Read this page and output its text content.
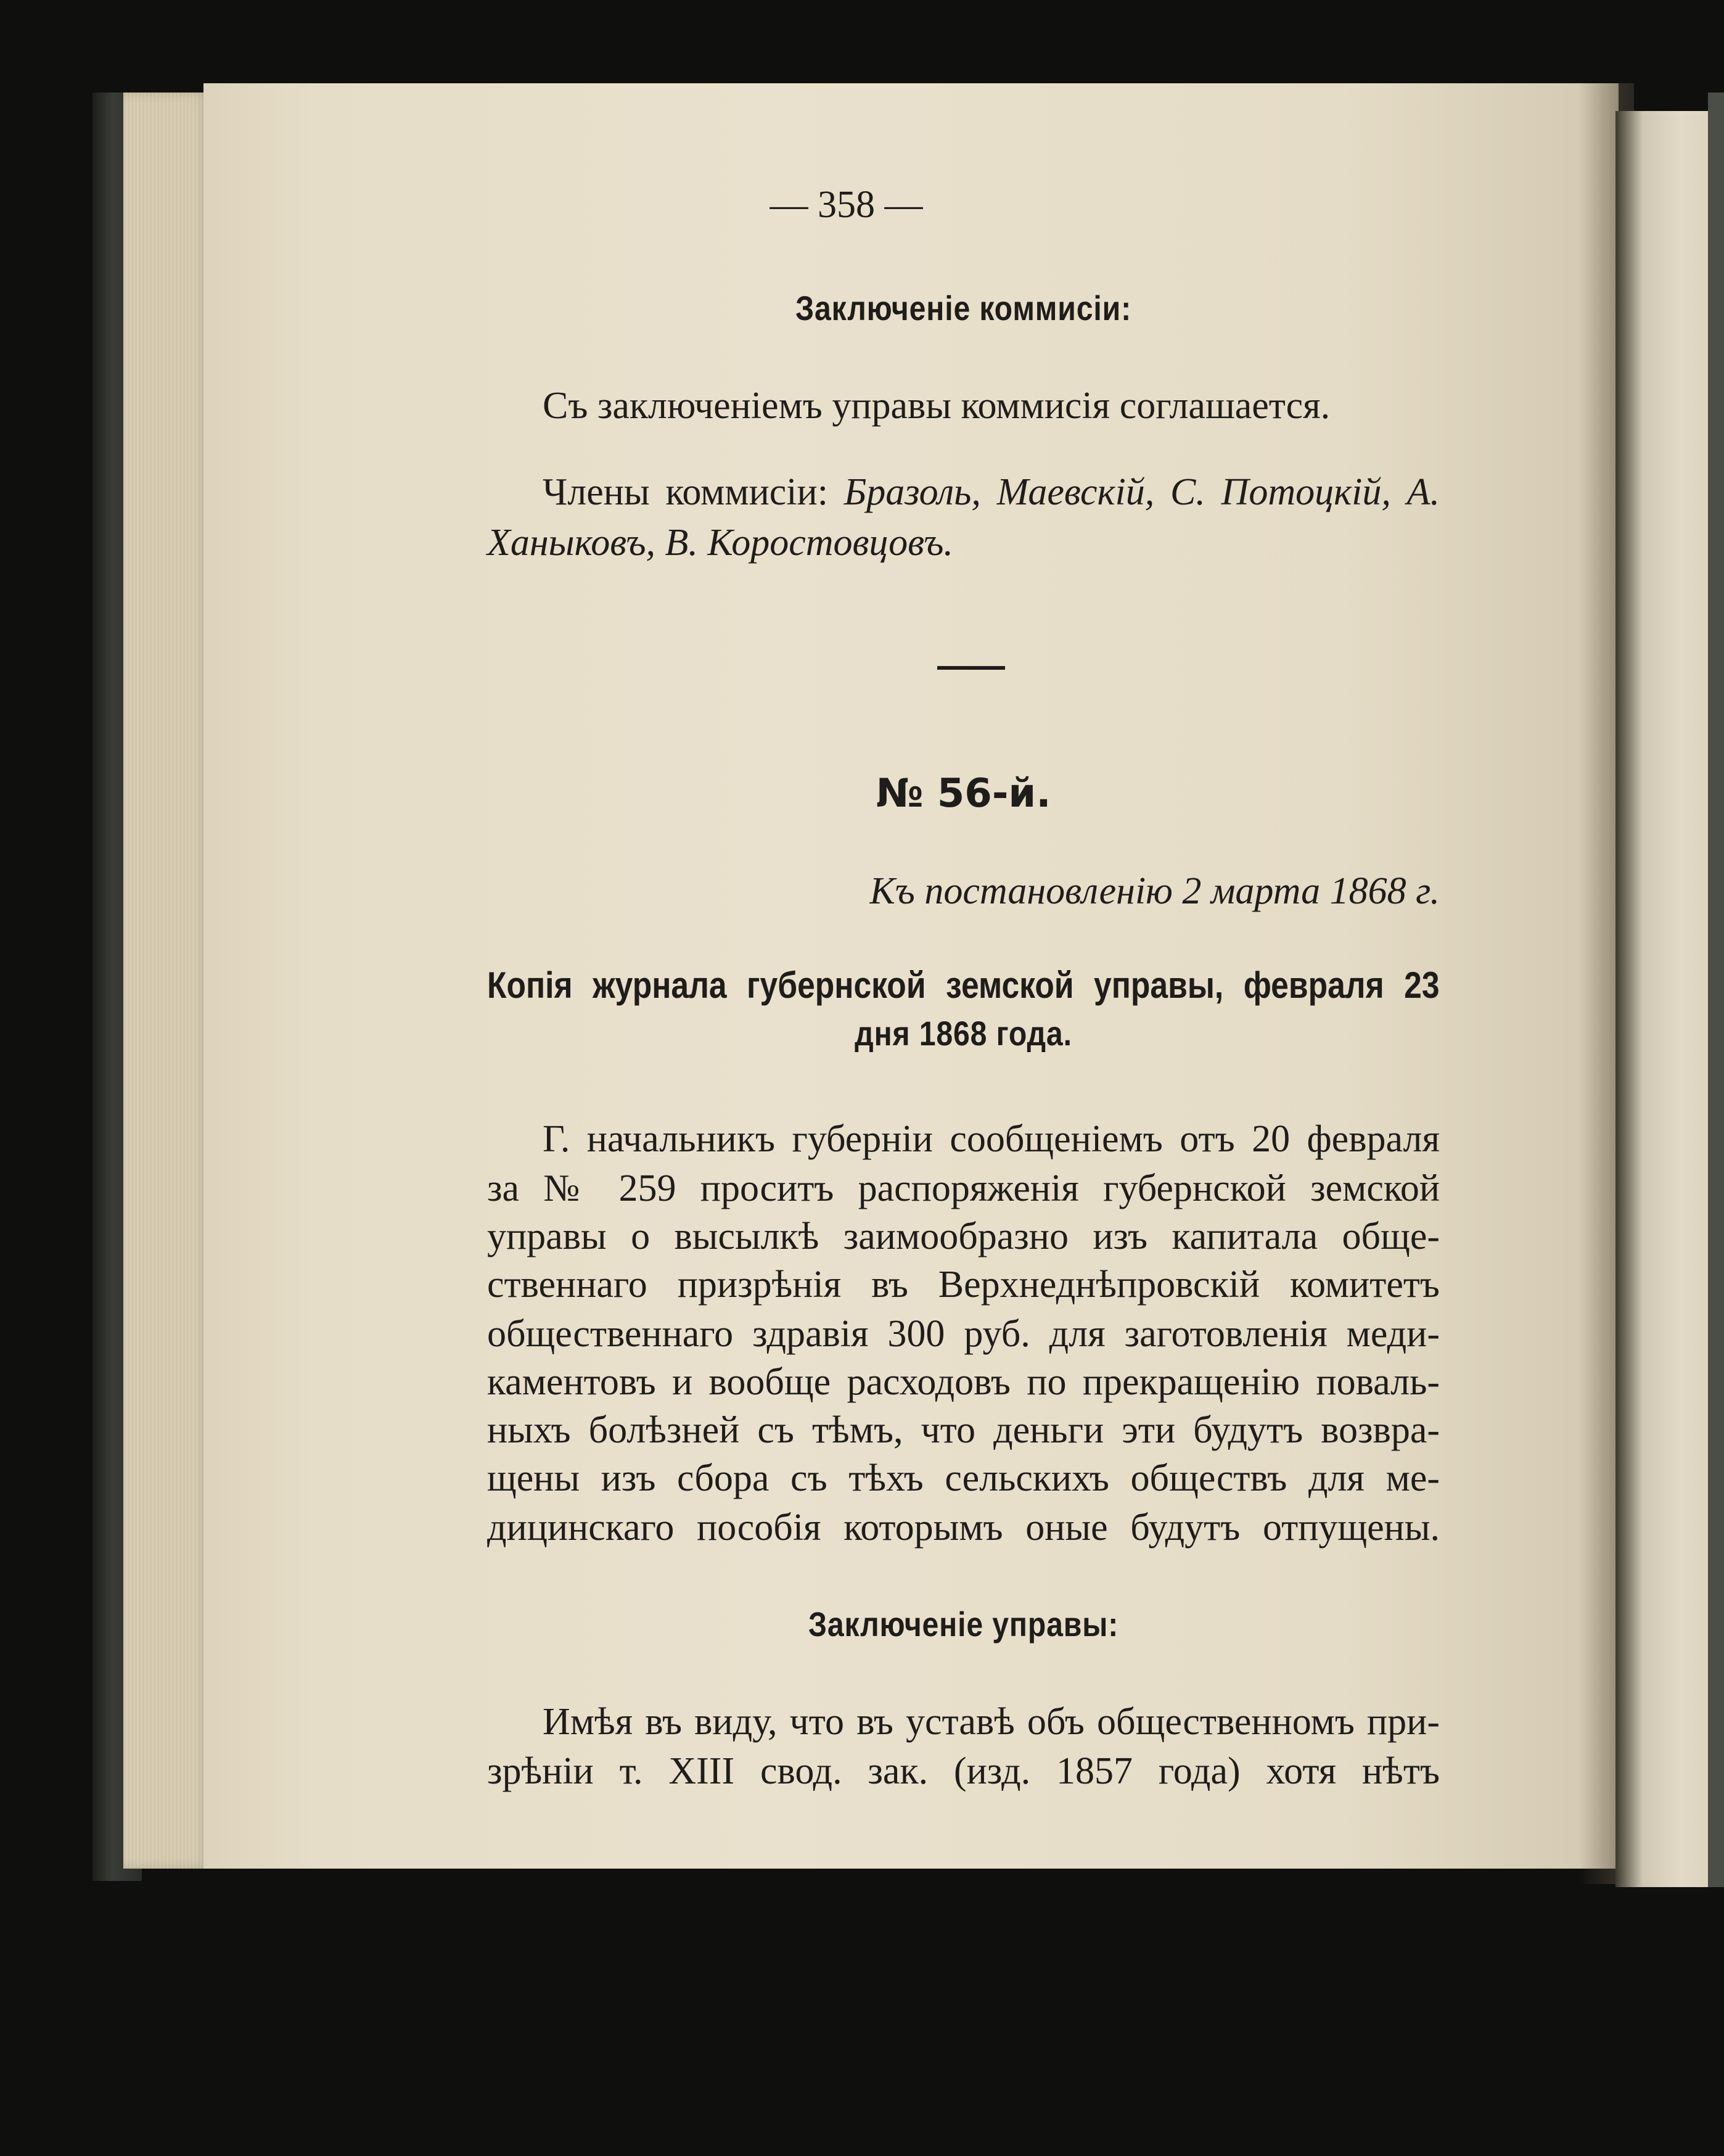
— 358 —
Заключеніе коммисіи:
Съ заключеніемъ управы коммисія соглашается.
Члены коммисіи: Бразоль, Маевскій, С. Потоцкій, А.
Ханыковъ, В. Коростовцовъ.
№ 56-й.
Къ постановленію 2 марта 1868 г.
Копія журнала губернской земской управы, февраля 23
дня 1868 года.
Г. начальникъ губерніи сообщеніемъ отъ 20 февраля
за № 259 проситъ распоряженія губернской земской
управы о высылкѣ заимообразно изъ капитала обще-
ственнаго призрѣнія въ Верхнеднѣпровскій комитетъ
общественнаго здравія 300 руб. для заготовленія меди-
каментовъ и вообще расходовъ по прекращенію поваль-
ныхъ болѣзней съ тѣмъ, что деньги эти будутъ возвра-
щены изъ сбора съ тѣхъ сельскихъ обществъ для ме-
дицинскаго пособія которымъ оные будутъ отпущены.
Заключеніе управы:
Имѣя въ виду, что въ уставѣ объ общественномъ при-
зрѣніи т. XIII свод. зак. (изд. 1857 года) хотя нѣтъ
